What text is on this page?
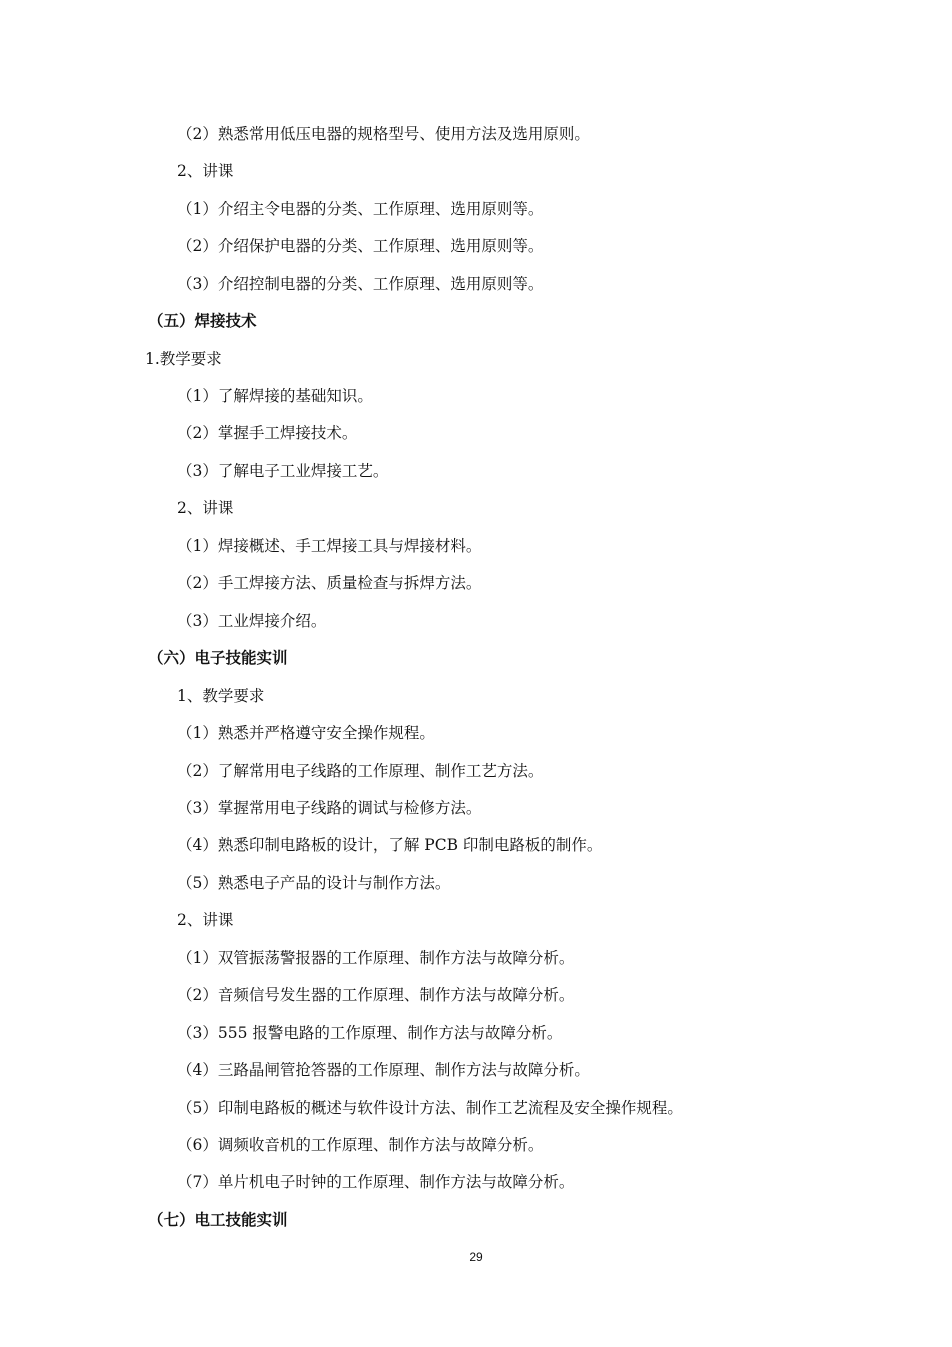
（2）熟悉常用低压电器的规格型号、使用方法及选用原则。
2、讲课
（1）介绍主令电器的分类、工作原理、选用原则等。
（2）介绍保护电器的分类、工作原理、选用原则等。
（3）介绍控制电器的分类、工作原理、选用原则等。
（五）焊接技术
1.教学要求
（1）了解焊接的基础知识。
（2）掌握手工焊接技术。
（3）了解电子工业焊接工艺。
2、讲课
（1）焊接概述、手工焊接工具与焊接材料。
（2）手工焊接方法、质量检查与拆焊方法。
（3）工业焊接介绍。
（六）电子技能实训
1、教学要求
（1）熟悉并严格遵守安全操作规程。
（2）了解常用电子线路的工作原理、制作工艺方法。
（3）掌握常用电子线路的调试与检修方法。
（4）熟悉印制电路板的设计，了解 PCB 印制电路板的制作。
（5）熟悉电子产品的设计与制作方法。
2、讲课
（1）双管振荡警报器的工作原理、制作方法与故障分析。
（2）音频信号发生器的工作原理、制作方法与故障分析。
（3）555 报警电路的工作原理、制作方法与故障分析。
（4）三路晶闸管抢答器的工作原理、制作方法与故障分析。
（5）印制电路板的概述与软件设计方法、制作工艺流程及安全操作规程。
（6）调频收音机的工作原理、制作方法与故障分析。
（7）单片机电子时钟的工作原理、制作方法与故障分析。
（七）电工技能实训
29
